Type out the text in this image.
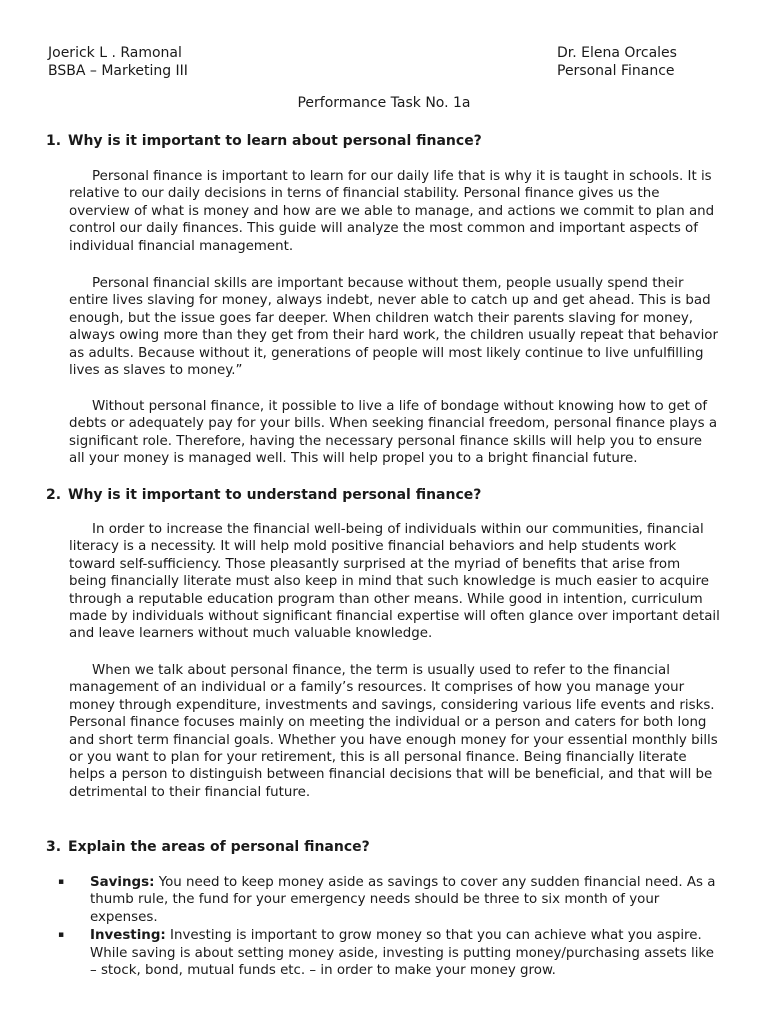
Joerick L . Ramonal
BSBA – Marketing III
Dr. Elena Orcales
Personal Finance
Performance Task No. 1a
1. Why is it important to learn about personal finance?

Personal finance is important to learn for our daily life that is why it is taught in schools. It is relative to our daily decisions in terns of financial stability. Personal finance gives us the overview of what is money and how are we able to manage, and actions we commit to plan and control our daily finances. This guide will analyze the most common and important aspects of individual financial management.

Personal financial skills are important because without them, people usually spend their entire lives slaving for money, always indebt, never able to catch up and get ahead. This is bad enough, but the issue goes far deeper. When children watch their parents slaving for money, always owing more than they get from their hard work, the children usually repeat that behavior as adults. Because without it, generations of people will most likely continue to live unfulfilling lives as slaves to money.”

Without personal finance, it possible to live a life of bondage without knowing how to get of debts or adequately pay for your bills. When seeking financial freedom, personal finance plays a significant role. Therefore, having the necessary personal finance skills will help you to ensure all your money is managed well. This will help propel you to a bright financial future.

2. Why is it important to understand personal finance?

In order to increase the financial well-being of individuals within our communities, financial literacy is a necessity. It will help mold positive financial behaviors and help students work toward self-sufficiency. Those pleasantly surprised at the myriad of benefits that arise from being financially literate must also keep in mind that such knowledge is much easier to acquire through a reputable education program than other means. While good in intention, curriculum made by individuals without significant financial expertise will often glance over important detail and leave learners without much valuable knowledge.

When we talk about personal finance, the term is usually used to refer to the financial management of an individual or a family’s resources. It comprises of how you manage your money through expenditure, investments and savings, considering various life events and risks. Personal finance focuses mainly on meeting the individual or a person and caters for both long and short term financial goals. Whether you have enough money for your essential monthly bills or you want to plan for your retirement, this is all personal finance. Being financially literate helps a person to distinguish between financial decisions that will be beneficial, and that will be detrimental to their financial future.

3. Explain the areas of personal finance?
▪	Savings: You need to keep money aside as savings to cover any sudden financial need. As a thumb rule, the fund for your emergency needs should be three to six month of your expenses.
▪	Investing: Investing is important to grow money so that you can achieve what you aspire. While saving is about setting money aside, investing is putting money/purchasing assets like – stock, bond, mutual funds etc. – in order to make your money grow.
